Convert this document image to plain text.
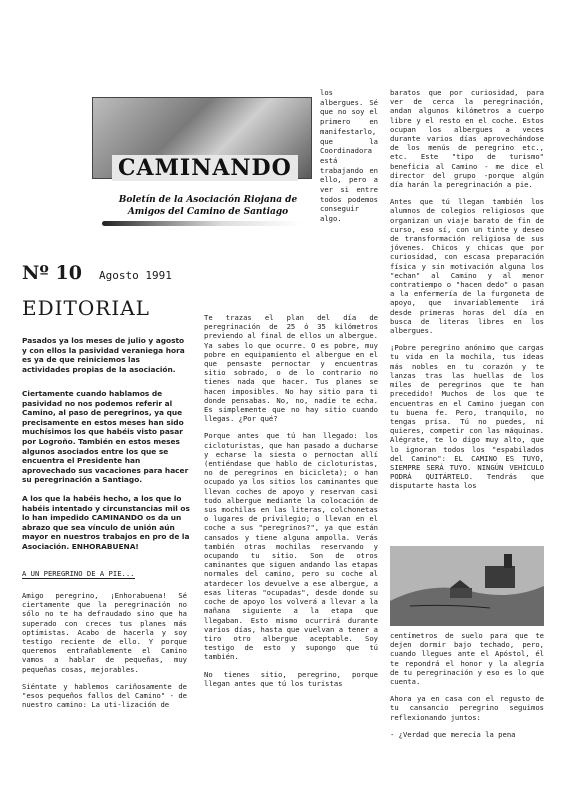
CAMINANDO
Boletín de la Asociación Riojana de Amigos del Camino de Santiago
Nº 10 Agosto 1991
EDITORIAL
Pasados ya los meses de julio y agosto y con ellos la pasividad veraniega hora es ya de que reiniciemos las actividades propias de la asociación.
Ciertamente cuando hablamos de pasividad no nos podemos referir al Camino, al paso de peregrinos, ya que precisamente en estos meses han sido muchísimos los que habéis visto pasar por Logroño. También en estos meses algunos asociados entre los que se encuentra el Presidente han aprovechado sus vacaciones para hacer su peregrinación a Santiago.
A los que la habéis hecho, a los que lo habéis intentado y circunstancias mil os lo han impedido CAMINANDO os da un abrazo que sea vínculo de unión aún mayor en nuestros trabajos en pro de la Asociación. ENHORABUENA!
A UN PEREGRINO DE A PIE...

Amigo peregrino, ¡Enhorabuena! Sé ciertamente que la peregrinación no sólo no te ha defraudado sino que ha superado con creces tus planes más optimistas. Acabo de hacerla y soy testigo reciente de ello. Y porque queremos entrañablemente el Camino vamos a hablar de pequeñas, muy pequeñas cosas, mejorables.

Siéntate y hablemos cariñosamente de "esos pequeños fallos del Camino" - de nuestro camino: La uti-lización de

los albergues. Sé que no soy el primero en manifestarlo, que la Coordinadora está trabajando en ello, pero a ver si entre todos podemos conseguir algo.

Te trazas el plan del día de peregrinación de 25 ó 35 kilómetros previendo al final de ellos un albergue. Ya sabes lo que ocurre. O es pobre, muy pobre en equipamiento el albergue en el que pensaste pernoctar y encuentras sitio sobrado, o de lo contrario no tienes nada que hacer. Tus planes se hacen imposibles. No hay sitio para ti donde pensabas. No, no, nadie te echa. Es simplemente que no hay sitio cuando llegas. ¿Por qué?

Porque antes que tú han llegado: los cicloturistas, que han pasado a ducharse y echarse la siesta o pernoctan allí (entiéndase que hablo de cicloturistas, no de peregrinos en bicicleta); o han ocupado ya los sitios los caminantes que llevan coches de apoyo y reservan casi todo albergue mediante la colocación de sus mochilas en las literas, colchonetas o lugares de privilegio; o llevan en el coche a sus "peregrinos?", ya que están cansados y tiene alguna ampolla. Verás también otras mochilas reservando y ocupando tu sitio. Son de otros caminantes que siguen andando las etapas normales del camino, pero su coche al atardecer los devuelve a ese albergue, a esas literas "ocupadas", desde donde su coche de apoyo los volverá a llevar a la mañana siguiente a la etapa que llegaban. Esto mismo ocurrirá durante varios días, hasta que vuelvan a tener a tiro otro albergue aceptable. Soy testigo de esto y supongo que tú también.

No tienes sitio, peregrino, porque llegan antes que tú los turistas

baratos que por curiosidad, para ver de cerca la peregrinación, andan algunos kilómetros a cuerpo libre y el resto en el coche. Estos ocupan los albergues a veces durante varios días aprovechándose de los menús de peregrino etc., etc. Este "tipo de turismo" beneficia al Camino - me dice el director del grupo -porque algún día harán la peregrinación a pie.

Antes que tú llegan también los alumnos de colegios religiosos que organizan un viaje barato de fin de curso, eso sí, con un tinte y deseo de transformación religiosa de sus jóvenes. Chicos y chicas que por curiosidad, con escasa preparación física y sin motivación alguna los "echan" al Camino y al menor contratiempo o "hacen dedo" o pasan a la enfermería de la furgoneta de apoyo, que invariablemente irá desde primeras horas del día en busca de literas libres en los albergues.

¡Pobre peregrino anónimo que cargas tu vida en la mochila, tus ideas más nobles en tu corazón y te lanzas tras las huellas de los miles de peregrinos que te han precedido! Muchos de los que te encuentras en el Camino juegan con tu buena fe. Pero, tranquilo, no tengas prisa. Tú no puedes, ni quieres, competir con las máquinas. Alégrate, te lo digo muy alto, que lo ignoran todos los "espabilados del Camino": EL CAMINO ES TUYO, SIEMPRE SERÁ TUYO. NINGÚN VEHÍCULO PODRÁ QUITÁRTELO. Tendrás que disputarte hasta los

centímetros de suelo para que te dejen dormir bajo techado, pero, cuando llegues ante el Apóstol, él te repondrá el honor y la alegría de tu peregrinación y eso es lo que cuenta.

Ahora ya en casa con el regusto de tu cansancio peregrino seguimos reflexionando juntos:

- ¿Verdad que merecía la pena
